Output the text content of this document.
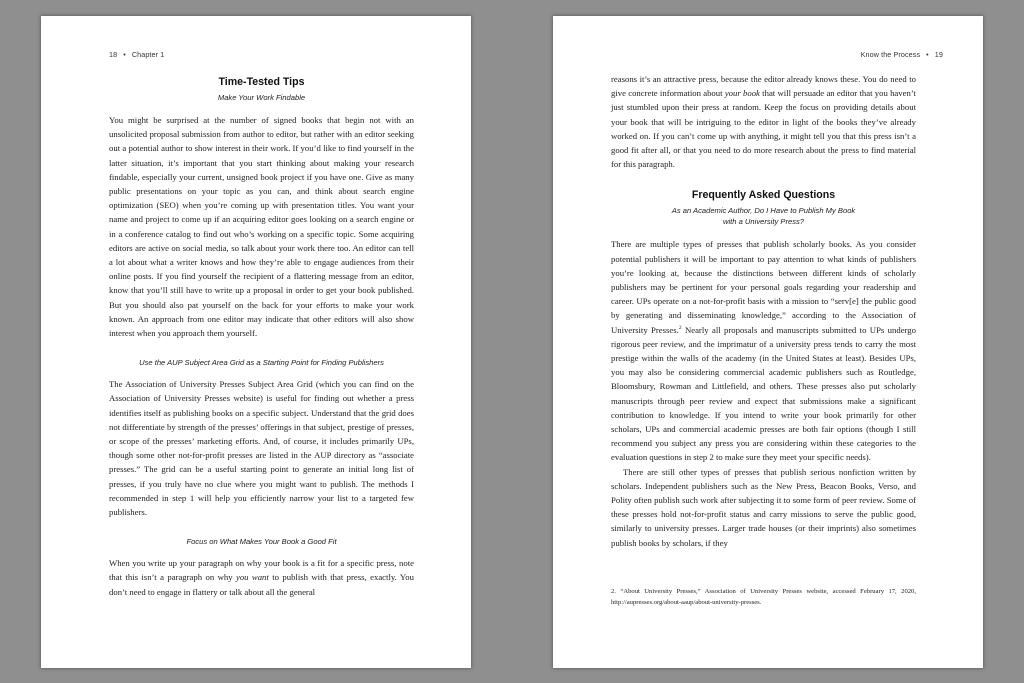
18 • Chapter 1
Time-Tested Tips
Make Your Work Findable

You might be surprised at the number of signed books that begin not with an unsolicited proposal submission from author to editor, but rather with an editor seeking out a potential author to show interest in their work. If you’d like to find yourself in the latter situation, it’s important that you start thinking about making your research findable, especially your current, unsigned book project if you have one. Give as many public presentations on your topic as you can, and think about search engine optimization (SEO) when you’re coming up with presentation titles. You want your name and project to come up if an acquiring editor goes looking on a search engine or in a conference catalog to find out who’s working on a specific topic. Some acquiring editors are active on social media, so talk about your work there too. An editor can tell a lot about what a writer knows and how they’re able to engage audiences from their online posts. If you find yourself the recipient of a flattering message from an editor, know that you’ll still have to write up a proposal in order to get your book published. But you should also pat yourself on the back for your efforts to make your work known. An approach from one editor may indicate that other editors will also show interest when you approach them yourself.

Use the AUP Subject Area Grid as a Starting Point for Finding Publishers

The Association of University Presses Subject Area Grid (which you can find on the Association of University Presses website) is useful for finding out whether a press identifies itself as publishing books on a specific subject. Understand that the grid does not differentiate by strength of the presses’ offerings in that subject, prestige of presses, or scope of the presses’ marketing efforts. And, of course, it includes primarily UPs, though some other not-for-profit presses are listed in the AUP directory as “associate presses.” The grid can be a useful starting point to generate an initial long list of presses, if you truly have no clue where you might want to publish. The methods I recommended in step 1 will help you efficiently narrow your list to a targeted few publishers.

Focus on What Makes Your Book a Good Fit

When you write up your paragraph on why your book is a fit for a specific press, note that this isn’t a paragraph on why you want to publish with that press, exactly. You don’t need to engage in flattery or talk about all the general

Know the Process • 19

reasons it’s an attractive press, because the editor already knows these. You do need to give concrete information about your book that will persuade an editor that you haven’t just stumbled upon their press at random. Keep the focus on providing details about your book that will be intriguing to the editor in light of the books they’ve already worked on. If you can’t come up with anything, it might tell you that this press isn’t a good fit after all, or that you need to do more research about the press to find material for this paragraph.

Frequently Asked Questions
As an Academic Author, Do I Have to Publish My Book
with a University Press?

There are multiple types of presses that publish scholarly books. As you consider potential publishers it will be important to pay attention to what kinds of publishers you’re looking at, because the distinctions between different kinds of scholarly publishers may be pertinent for your personal goals regarding your readership and career. UPs operate on a not-for-profit basis with a mission to “serv[e] the public good by generating and disseminating knowledge,” according to the Association of University Presses.$^2$ Nearly all proposals and manuscripts submitted to UPs undergo rigorous peer review, and the imprimatur of a university press tends to carry the most prestige within the walls of the academy (in the United States at least). Besides UPs, you may also be considering commercial academic publishers such as Routledge, Bloomsbury, Rowman and Littlefield, and others. These presses also put scholarly manuscripts through peer review and expect that submissions make a significant contribution to knowledge. If you intend to write your book primarily for other scholars, UPs and commercial academic presses are both fair options (though I still recommend you subject any press you are considering within these categories to the evaluation questions in step 2 to make sure they meet your specific needs).

There are still other types of presses that publish serious nonfiction written by scholars. Independent publishers such as the New Press, Beacon Books, Verso, and Polity often publish such work after subjecting it to some form of peer review. Some of these presses hold not-for-profit status and carry missions to serve the public good, similarly to university presses. Larger trade houses (or their imprints) also sometimes publish books by scholars, if they

2. “About University Presses,” Association of University Presses website, accessed February 17, 2020, http://aupresses.org/about-aaup/about-university-presses.
